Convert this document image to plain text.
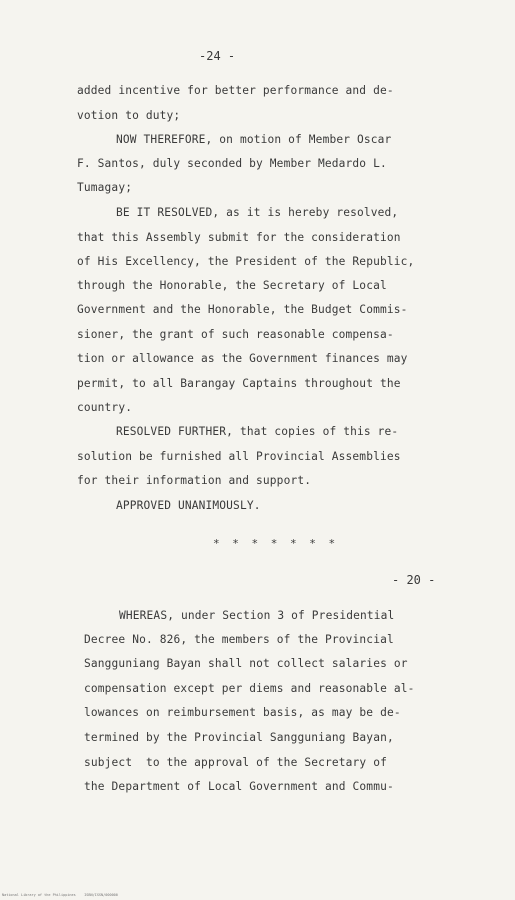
-24 -
added incentive for better performance and de-
votion to duty;
NOW THEREFORE, on motion of Member Oscar
F. Santos, duly seconded by Member Medardo L.
Tumagay;
BE IT RESOLVED, as it is hereby resolved,
that this Assembly submit for the consideration
of His Excellency, the President of the Republic,
through the Honorable, the Secretary of Local
Government and the Honorable, the Budget Commis-
sioner, the grant of such reasonable compensa-
tion or allowance as the Government finances may
permit, to all Barangay Captains throughout the
country.
RESOLVED FURTHER, that copies of this re-
solution be furnished all Provincial Assemblies
for their information and support.
APPROVED UNANIMOUSLY.
* * * * * * *
- 20 -
WHEREAS, under Section 3 of Presidential
Decree No. 826, the members of the Provincial
Sangguniang Bayan shall not collect salaries or
compensation except per diems and reasonable al-
lowances on reimbursement basis, as may be de-
termined by the Provincial Sangguniang Bayan,
subject  to the approval of the Secretary of
the Department of Local Government and Commu-
National Library of the Philippines    ISBN/ISSN/000000
